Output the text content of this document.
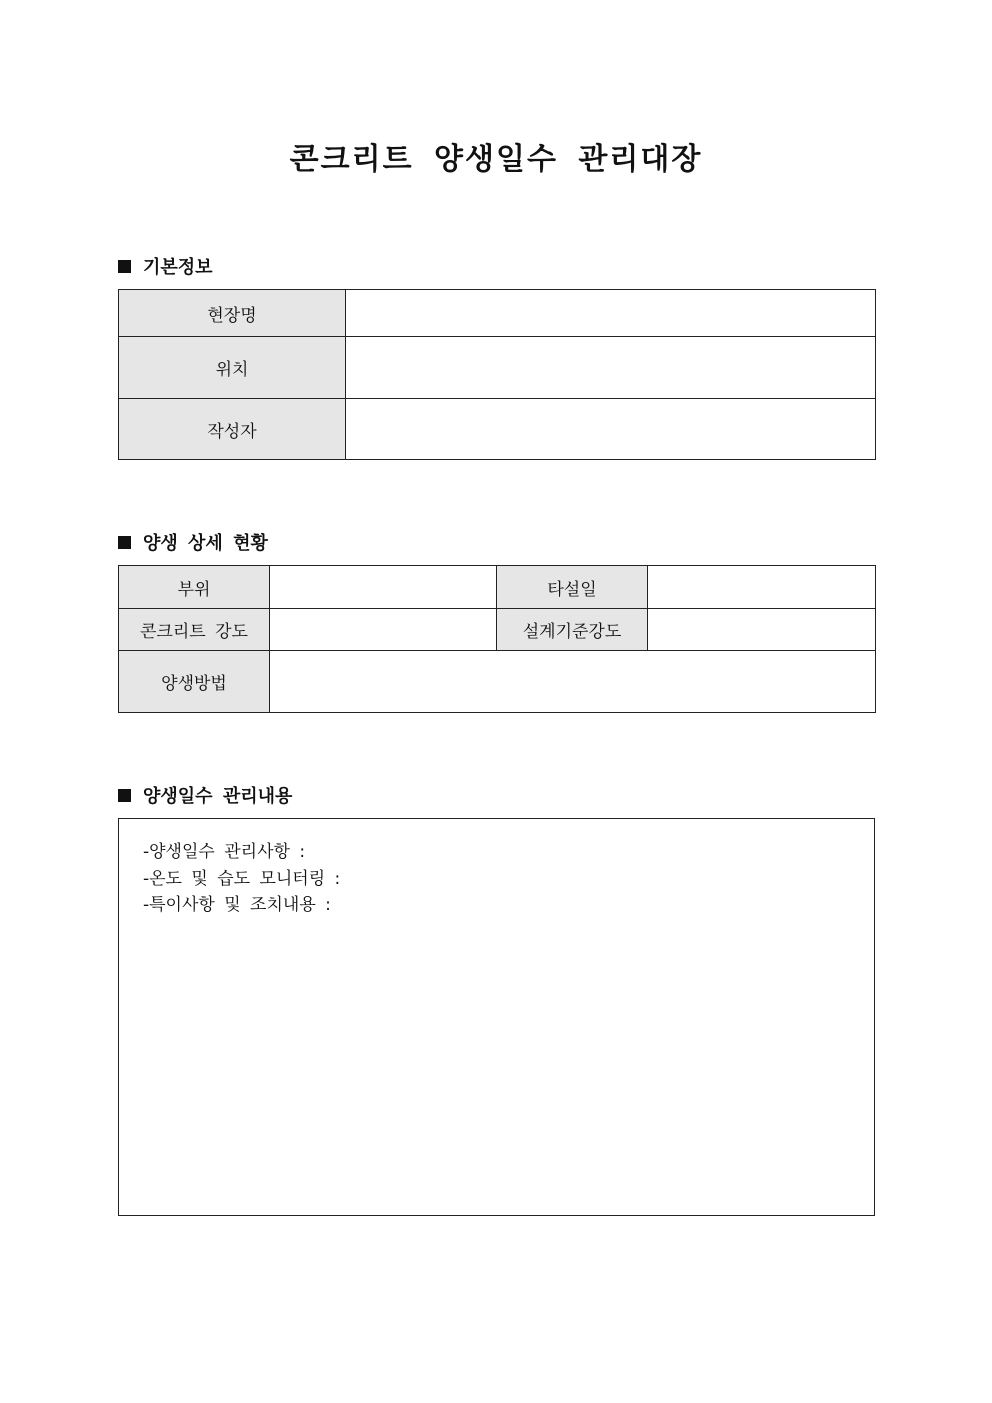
콘크리트 양생일수 관리대장
기본정보
현장명	
위치	
작성자	
양생 상세 현황
부위		타설일	
콘크리트 강도		설계기준강도	
양생방법			
양생일수 관리내용
-양생일수 관리사항 :
-온도 및 습도 모니터링 :
-특이사항 및 조치내용 :
